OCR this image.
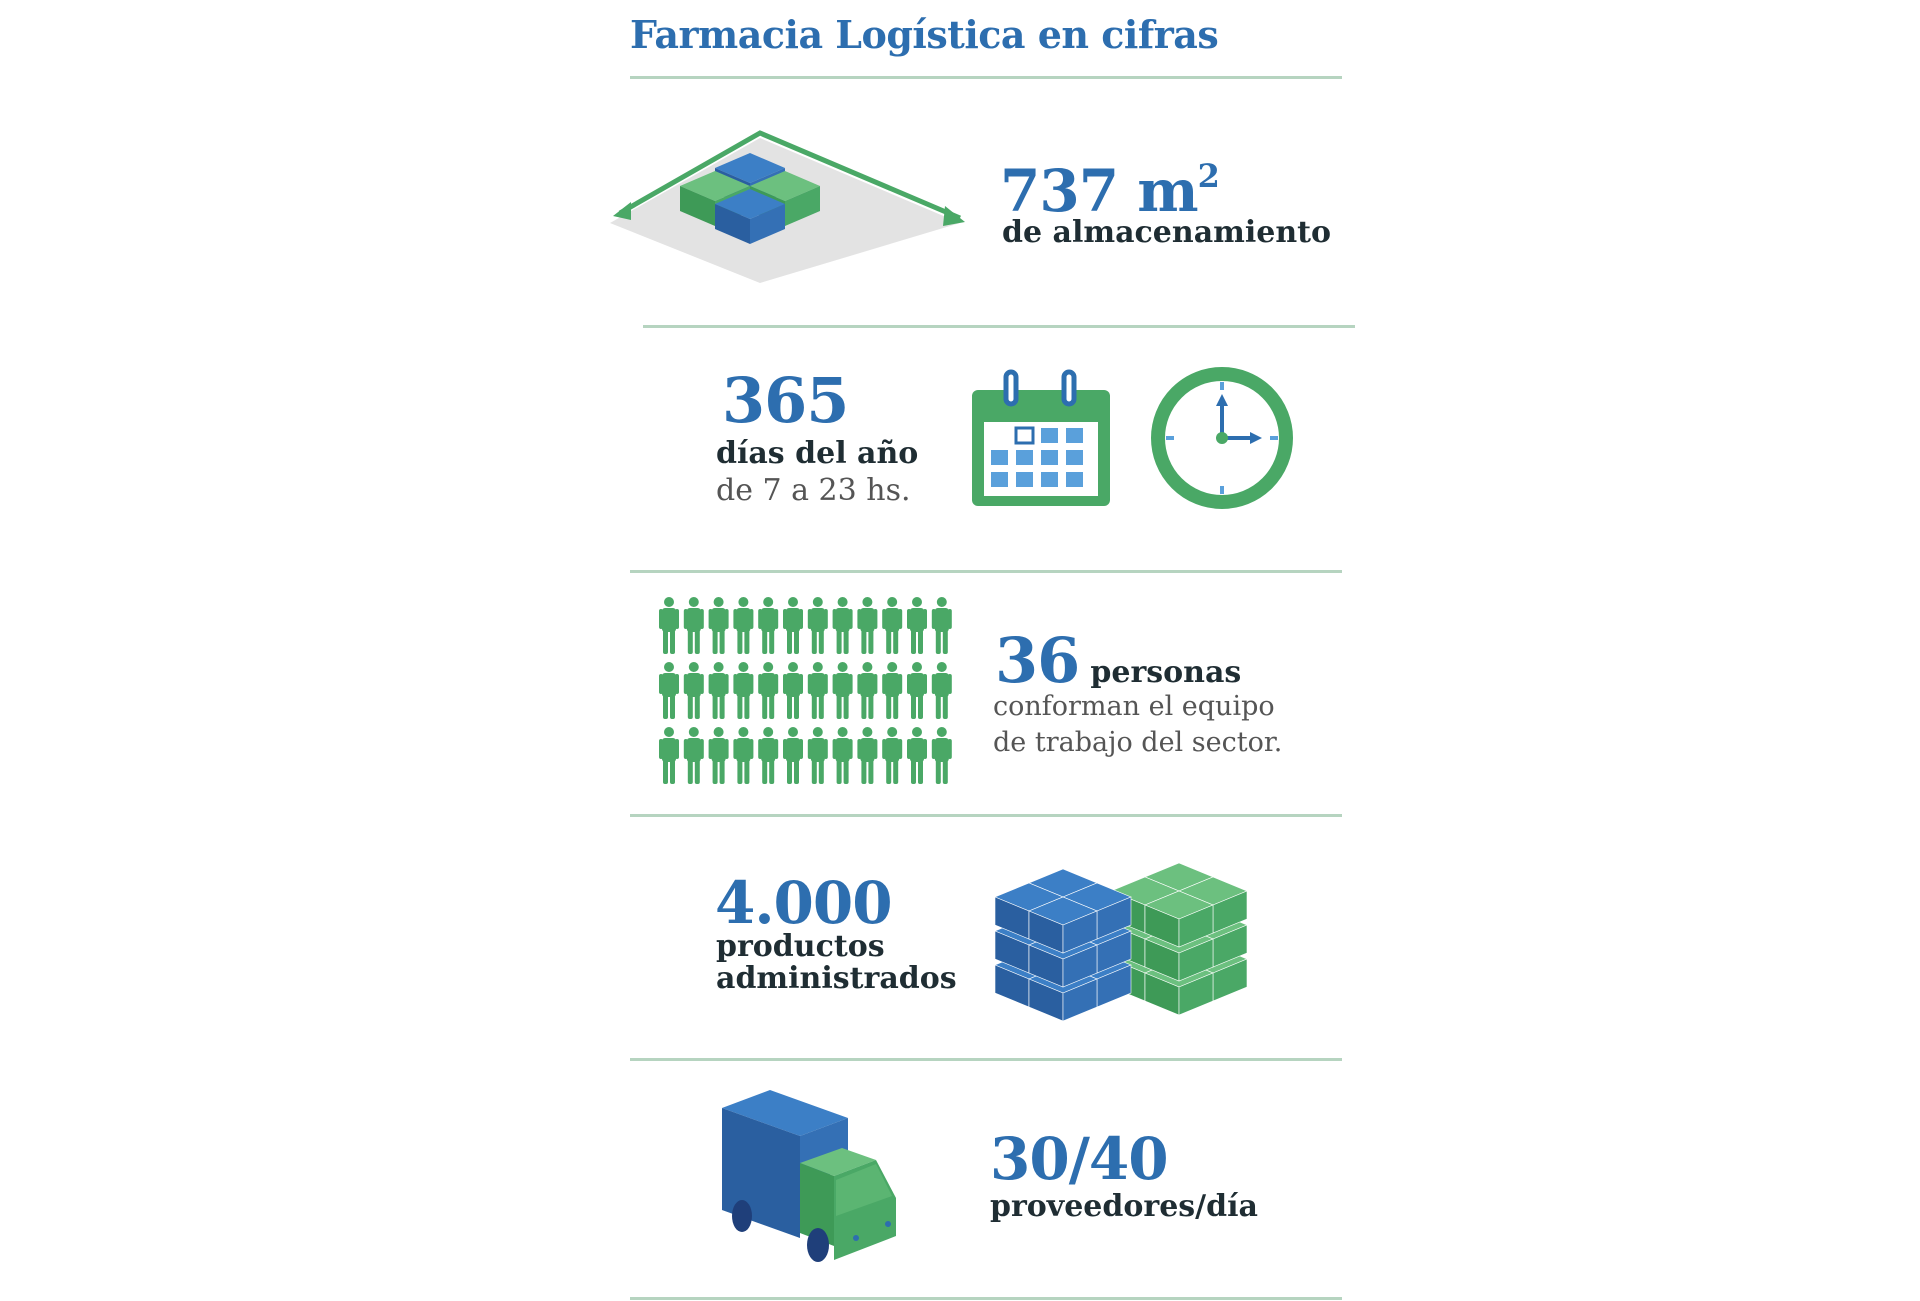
Farmacia Logística en cifras
737 $m^2$
de almacenamiento
365
días del año
de 7 a 23 hs.
36 personas
conforman el equipo
de trabajo del sector.
4.000
productos
administrados
30/40
proveedores/día
